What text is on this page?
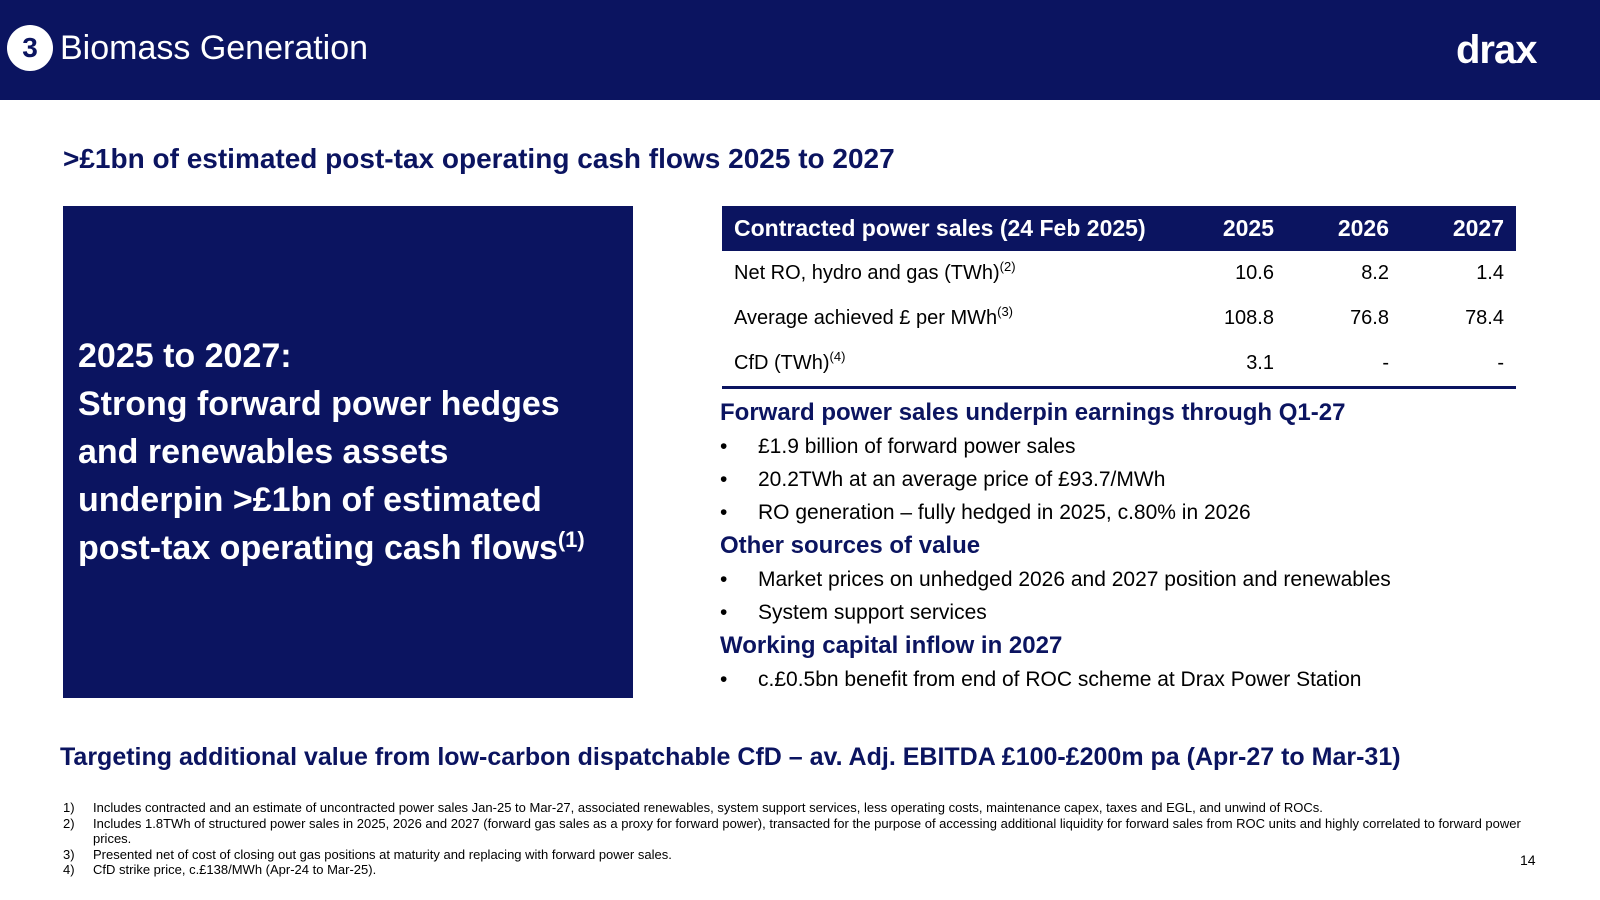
3 Biomass Generation	drax
>£1bn of estimated post-tax operating cash flows 2025 to 2027
2025 to 2027:
Strong forward power hedges
and renewables assets
underpin >£1bn of estimated
post-tax operating cash flows$^{(1)}$
Contracted power sales (24 Feb 2025)	2025	2026	2027
Net RO, hydro and gas (TWh)$^{(2)}$	10.6	8.2	1.4
Average achieved £ per MWh$^{(3)}$	108.8	76.8	78.4
CfD (TWh)$^{(4)}$	3.1	-	-
Forward power sales underpin earnings through Q1-27
• £1.9 billion of forward power sales
• 20.2TWh at an average price of £93.7/MWh
• RO generation – fully hedged in 2025, c.80% in 2026
Other sources of value
• Market prices on unhedged 2026 and 2027 position and renewables
• System support services
Working capital inflow in 2027
• c.£0.5bn benefit from end of ROC scheme at Drax Power Station
Targeting additional value from low-carbon dispatchable CfD – av. Adj. EBITDA £100-£200m pa (Apr-27 to Mar-31)
1)	Includes contracted and an estimate of uncontracted power sales Jan-25 to Mar-27, associated renewables, system support services, less operating costs, maintenance capex, taxes and EGL, and unwind of ROCs.
2)	Includes 1.8TWh of structured power sales in 2025, 2026 and 2027 (forward gas sales as a proxy for forward power), transacted for the purpose of accessing additional liquidity for forward sales from ROC units and highly correlated to forward power prices.
3)	Presented net of cost of closing out gas positions at maturity and replacing with forward power sales.
4)	CfD strike price, c.£138/MWh (Apr-24 to Mar-25).
14
